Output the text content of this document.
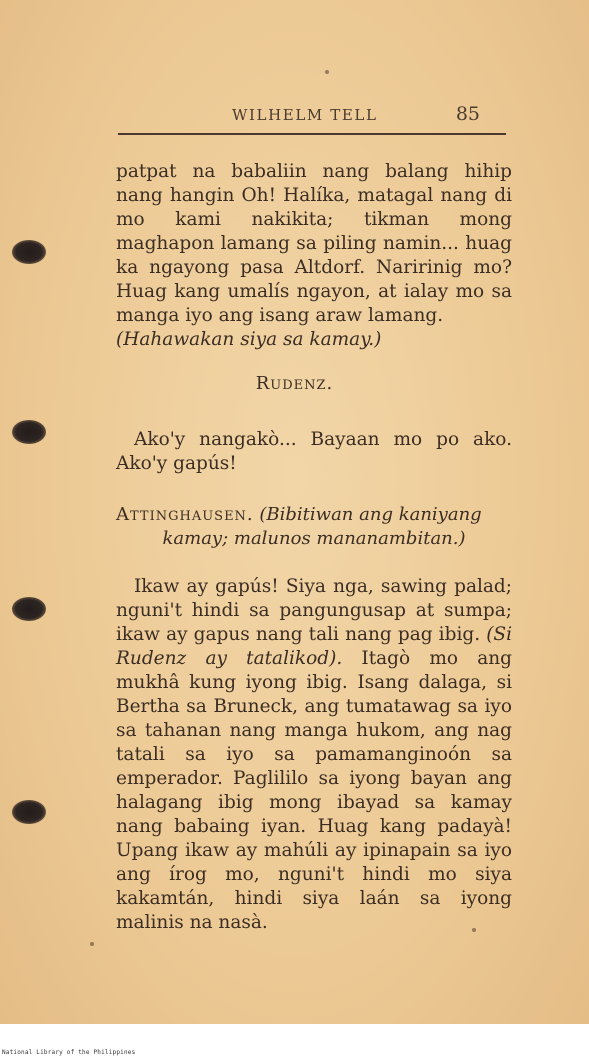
WILHELM TELL	85

patpat na babaliin nang balang hihip nang hangin Oh! Halíka, matagal nang di mo kami nakikita; tikman mong maghapon lamang sa piling namin... huag ka ngayong pasa Altdorf. Naririnig mo? Huag kang umalís ngayon, at ialay mo sa manga iyo ang isang araw lamang.
(Hahawakan siya sa kamay.)

Rudenz.

Ako'y nangakò... Bayaan mo po ako. Ako'y gapús!

Attinghausen. (Bibitiwan ang kaniyang
kamay; malunos mananambitan.)

Ikaw ay gapús! Siya nga, sawing palad; nguni't hindi sa pangungusap at sumpa; ikaw ay gapus nang tali nang pag ibig. (Si Rudenz ay tatalikod). Itagò mo ang mukhâ kung iyong ibig. Isang dalaga, si Bertha sa Bruneck, ang tumatawag sa iyo sa tahanan nang manga hukom, ang nag tatali sa iyo sa pamamanginoón sa emperador. Paglililo sa iyong bayan ang halagang ibig mong ibayad sa kamay nang babaing iyan. Huag kang padayà! Upang ikaw ay mahúli ay ipinapain sa iyo ang írog mo, nguni't hindi mo siya kakamtán, hindi siya laán sa iyong malinis na nasà.

National Library of the Philippines
